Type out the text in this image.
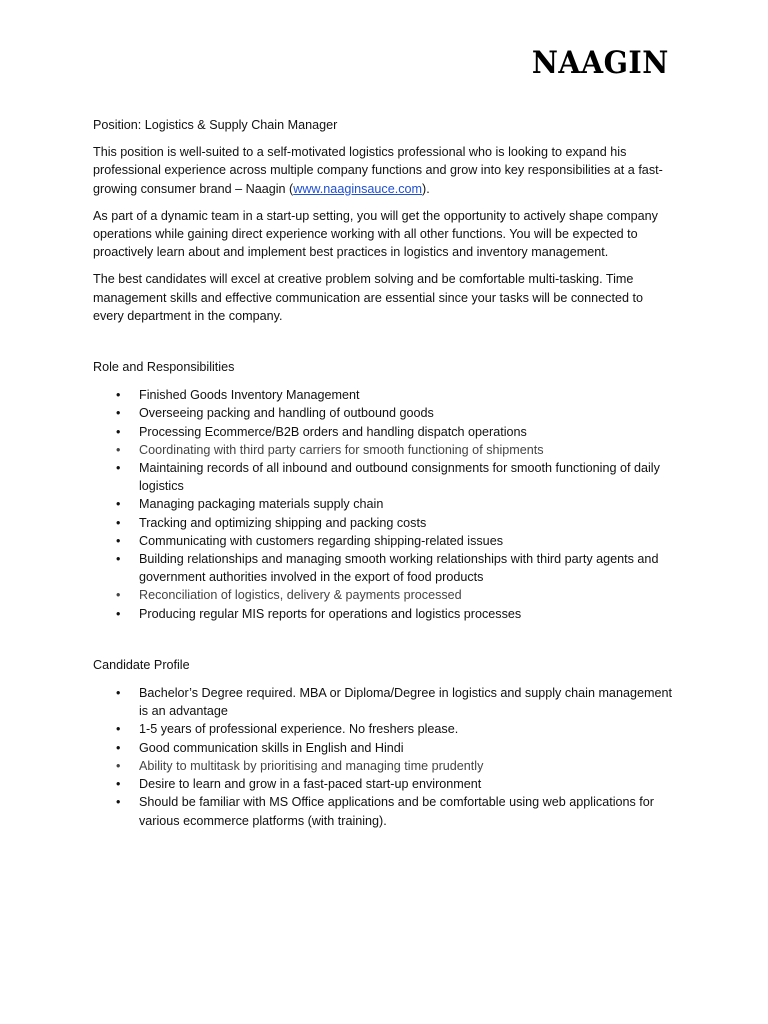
NAAGIN
Position: Logistics & Supply Chain Manager

This position is well-suited to a self-motivated logistics professional who is looking to expand his professional experience across multiple company functions and grow into key responsibilities at a fast-growing consumer brand – Naagin (www.naaginsauce.com).

As part of a dynamic team in a start-up setting, you will get the opportunity to actively shape company operations while gaining direct experience working with all other functions. You will be expected to proactively learn about and implement best practices in logistics and inventory management.

The best candidates will excel at creative problem solving and be comfortable multi-tasking. Time management skills and effective communication are essential since your tasks will be connected to every department in the company.

Role and Responsibilities
• Finished Goods Inventory Management
• Overseeing packing and handling of outbound goods
• Processing Ecommerce/B2B orders and handling dispatch operations
• Coordinating with third party carriers for smooth functioning of shipments
• Maintaining records of all inbound and outbound consignments for smooth functioning of daily logistics
• Managing packaging materials supply chain
• Tracking and optimizing shipping and packing costs
• Communicating with customers regarding shipping-related issues
• Building relationships and managing smooth working relationships with third party agents and government authorities involved in the export of food products
• Reconciliation of logistics, delivery & payments processed
• Producing regular MIS reports for operations and logistics processes
Candidate Profile
• Bachelor’s Degree required. MBA or Diploma/Degree in logistics and supply chain management is an advantage
• 1-5 years of professional experience. No freshers please.
• Good communication skills in English and Hindi
• Ability to multitask by prioritising and managing time prudently
• Desire to learn and grow in a fast-paced start-up environment
• Should be familiar with MS Office applications and be comfortable using web applications for various ecommerce platforms (with training).
